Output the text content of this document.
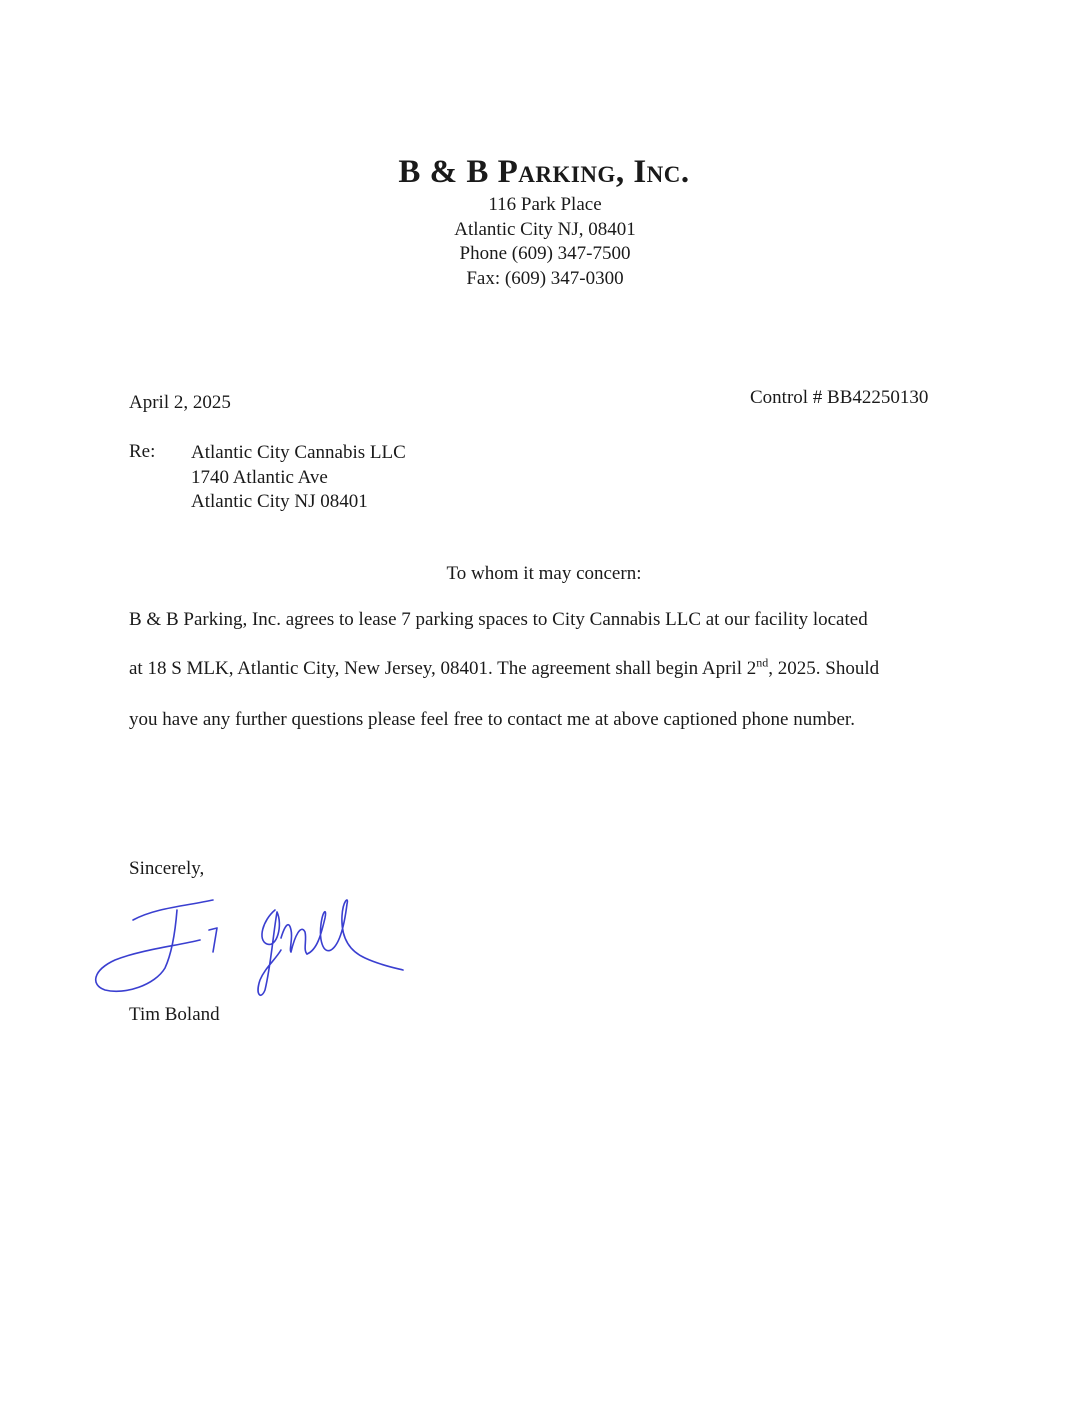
B & B Parking, Inc.
116 Park Place
Atlantic City NJ, 08401
Phone (609) 347-7500
Fax: (609) 347-0300
April 2, 2025	Control # BB42250130
Re: Atlantic City Cannabis LLC
1740 Atlantic Ave
Atlantic City NJ 08401
To whom it may concern:
B & B Parking, Inc. agrees to lease 7 parking spaces to City Cannabis LLC at our facility located
at 18 S MLK, Atlantic City, New Jersey, 08401. The agreement shall begin April 2nd, 2025. Should
you have any further questions please feel free to contact me at above captioned phone number.
Sincerely,
Tim Boland
